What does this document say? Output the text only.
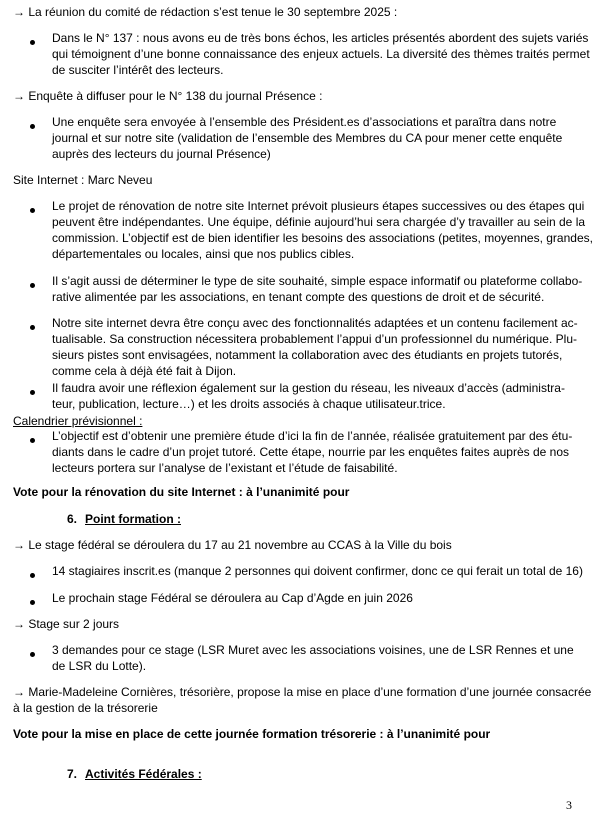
→ La réunion du comité de rédaction s’est tenue le 30 septembre 2025 :
Dans le N° 137 : nous avons eu de très bons échos, les articles présentés abordent des sujets variés
qui témoignent d’une bonne connaissance des enjeux actuels. La diversité des thèmes traités permet
de susciter l’intérêt des lecteurs.
→ Enquête à diffuser pour le N° 138 du journal Présence :
Une enquête sera envoyée à l’ensemble des Président.es d’associations et paraîtra dans notre
journal et sur notre site (validation de l’ensemble des Membres du CA pour mener cette enquête
auprès des lecteurs du journal Présence)
Site Internet : Marc Neveu
Le projet de rénovation de notre site Internet prévoit plusieurs étapes successives ou des étapes qui
peuvent être indépendantes. Une équipe, définie aujourd’hui sera chargée d’y travailler au sein de la
commission. L’objectif est de bien identifier les besoins des associations (petites, moyennes, grandes,
départementales ou locales, ainsi que nos publics cibles.
Il s’agit aussi de déterminer le type de site souhaité, simple espace informatif ou plateforme collabo-
rative alimentée par les associations, en tenant compte des questions de droit et de sécurité.
Notre site internet devra être conçu avec des fonctionnalités adaptées et un contenu facilement ac-
tualisable. Sa construction nécessitera probablement l’appui d’un professionnel du numérique. Plu-
sieurs pistes sont envisagées, notamment la collaboration avec des étudiants en projets tutorés,
comme cela à déjà été fait à Dijon.
Il faudra avoir une réflexion également sur la gestion du réseau, les niveaux d’accès (administra-
teur, publication, lecture…) et les droits associés à chaque utilisateur.trice.
Calendrier prévisionnel :
L’objectif est d’obtenir une première étude d’ici la fin de l’année, réalisée gratuitement par des étu-
diants dans le cadre d’un projet tutoré. Cette étape, nourrie par les enquêtes faites auprès de nos
lecteurs portera sur l’analyse de l’existant et l’étude de faisabilité.
Vote pour la rénovation du site Internet : à l’unanimité pour
6. Point formation :
→ Le stage fédéral se déroulera du 17 au 21 novembre au CCAS à la Ville du bois
14 stagiaires inscrit.es (manque 2 personnes qui doivent confirmer, donc ce qui ferait un total de 16)
Le prochain stage Fédéral se déroulera au Cap d’Agde en juin 2026
→ Stage sur 2 jours
3 demandes pour ce stage (LSR Muret avec les associations voisines, une de LSR Rennes et une
de LSR du Lotte).
→ Marie-Madeleine Cornières, trésorière, propose la mise en place d’une formation d’une journée consacrée
à la gestion de la trésorerie
Vote pour la mise en place de cette journée formation trésorerie : à l’unanimité pour
7. Activités Fédérales :
3
